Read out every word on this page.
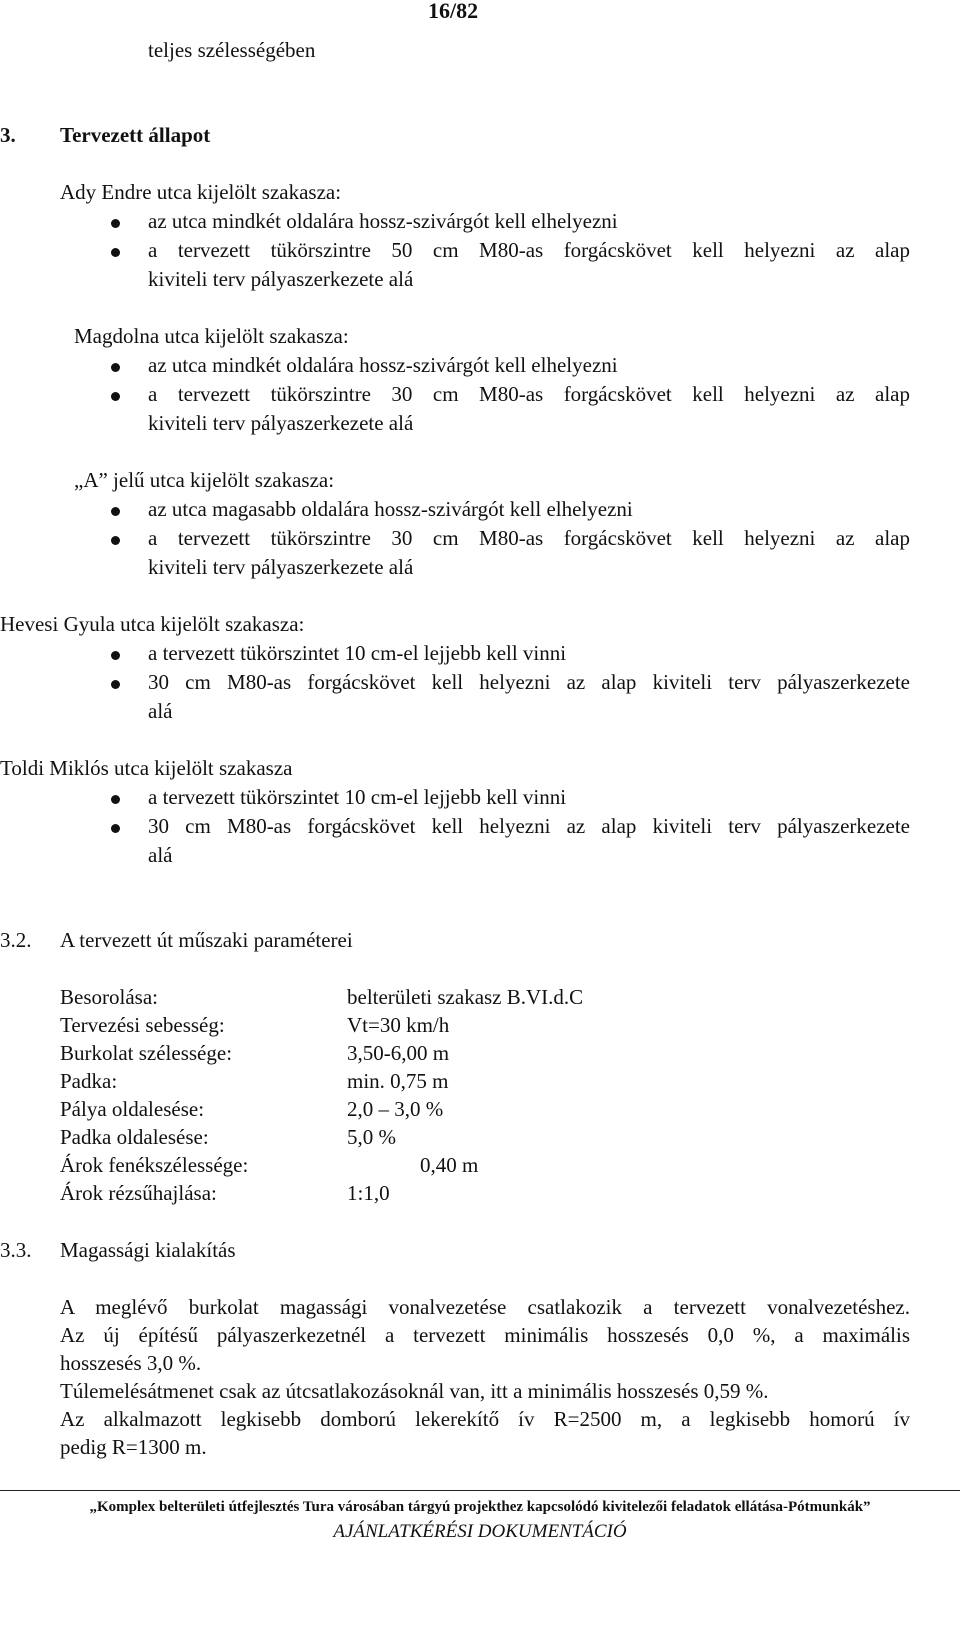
16/82
teljes szélességében
3. Tervezett állapot
Ady Endre utca kijelölt szakasza:
az utca mindkét oldalára hossz-szivárgót kell elhelyezni
a tervezett tükörszintre 50 cm M80-as forgácskövet kell helyezni az alap
kiviteli terv pályaszerkezete alá
Magdolna utca kijelölt szakasza:
az utca mindkét oldalára hossz-szivárgót kell elhelyezni
a tervezett tükörszintre 30 cm M80-as forgácskövet kell helyezni az alap
kiviteli terv pályaszerkezete alá
„A” jelű utca kijelölt szakasza:
az utca magasabb oldalára hossz-szivárgót kell elhelyezni
a tervezett tükörszintre 30 cm M80-as forgácskövet kell helyezni az alap
kiviteli terv pályaszerkezete alá
Hevesi Gyula utca kijelölt szakasza:
a tervezett tükörszintet 10 cm-el lejjebb kell vinni
30 cm M80-as forgácskövet kell helyezni az alap kiviteli terv pályaszerkezete
alá
Toldi Miklós utca kijelölt szakasza
a tervezett tükörszintet 10 cm-el lejjebb kell vinni
30 cm M80-as forgácskövet kell helyezni az alap kiviteli terv pályaszerkezete
alá
3.2. A tervezett út műszaki paraméterei
Besorolása:	belterületi szakasz B.VI.d.C
Tervezési sebesség:	Vt=30 km/h
Burkolat szélessége:	3,50-6,00 m
Padka:	min. 0,75 m
Pálya oldalesése:	2,0 – 3,0 %
Padka oldalesése:	5,0 %
Árok fenékszélessége:	0,40 m
Árok rézsűhajlása:	1:1,0
3.3. Magassági kialakítás
A meglévő burkolat magassági vonalvezetése csatlakozik a tervezett vonalvezetéshez.
Az új építésű pályaszerkezetnél a tervezett minimális hosszesés 0,0 %, a maximális
hosszesés 3,0 %.
Túlemelésátmenet csak az útcsatlakozásoknál van, itt a minimális hosszesés 0,59 %.
Az alkalmazott legkisebb domború lekerekítő ív R=2500 m, a legkisebb homorú ív
pedig R=1300 m.
„Komplex belterületi útfejlesztés Tura városában tárgyú projekthez kapcsolódó kivitelezői feladatok ellátása-Pótmunkák”
AJÁNLATKÉRÉSI DOKUMENTÁCIÓ
